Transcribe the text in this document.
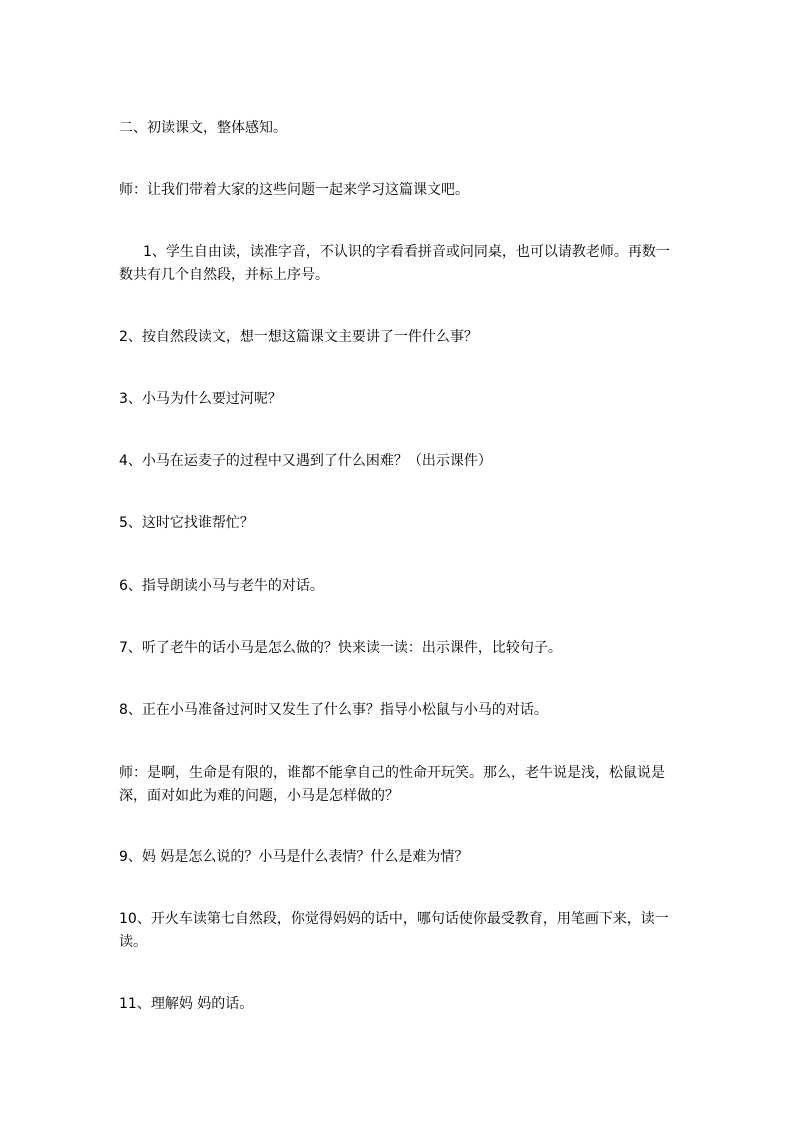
二、初读课文，整体感知。

师：让我们带着大家的这些问题一起来学习这篇课文吧。

1、学生自由读，读准字音，不认识的字看看拼音或问同桌，也可以请教老师。再数一数共有几个自然段，并标上序号。

2、按自然段读文，想一想这篇课文主要讲了一件什么事？

3、小马为什么要过河呢？

4、小马在运麦子的过程中又遇到了什么困难？（出示课件）

5、这时它找谁帮忙？

6、指导朗读小马与老牛的对话。

7、听了老牛的话小马是怎么做的？快来读一读：出示课件，比较句子。

8、正在小马准备过河时又发生了什么事？指导小松鼠与小马的对话。

师：是啊，生命是有限的，谁都不能拿自己的性命开玩笑。那么，老牛说是浅，松鼠说是深，面对如此为难的问题，小马是怎样做的？

9、妈 妈是怎么说的？小马是什么表情？什么是难为情？

10、开火车读第七自然段，你觉得妈妈的话中，哪句话使你最受教育，用笔画下来，读一读。

11、理解妈 妈的话。
